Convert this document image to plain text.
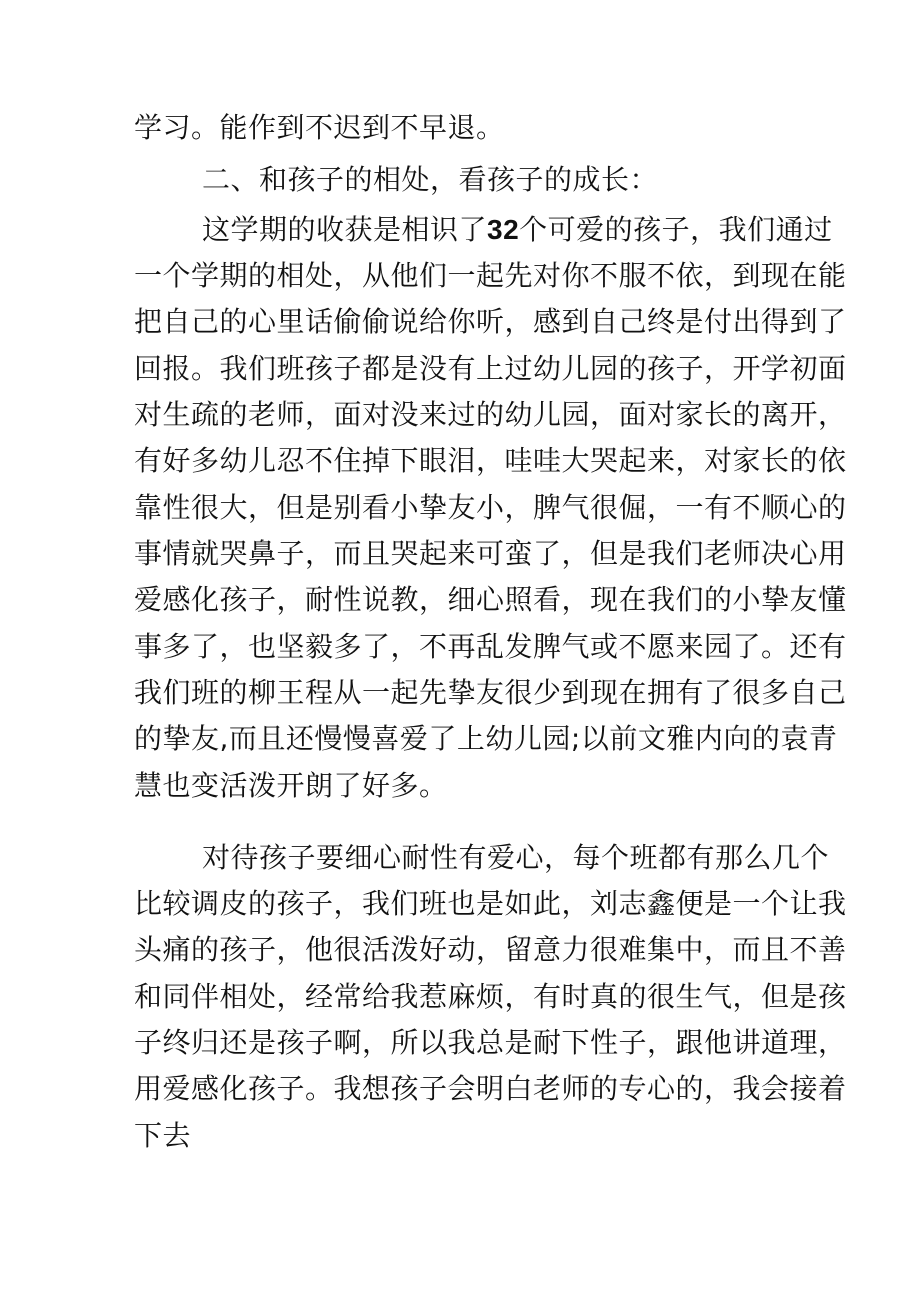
学习。能作到不迟到不早退。
二、和孩子的相处，看孩子的成长：
这学期的收获是相识了32个可爱的孩子，我们通过
一个学期的相处，从他们一起先对你不服不依，到现在能
把自己的心里话偷偷说给你听，感到自己终是付出得到了
回报。我们班孩子都是没有上过幼儿园的孩子，开学初面
对生疏的老师，面对没来过的幼儿园，面对家长的离开，
有好多幼儿忍不住掉下眼泪，哇哇大哭起来，对家长的依
靠性很大，但是别看小挚友小，脾气很倔，一有不顺心的
事情就哭鼻子，而且哭起来可蛮了，但是我们老师决心用
爱感化孩子，耐性说教，细心照看，现在我们的小挚友懂
事多了，也坚毅多了，不再乱发脾气或不愿来园了。还有
我们班的柳王程从一起先挚友很少到现在拥有了很多自己
的挚友,而且还慢慢喜爱了上幼儿园;以前文雅内向的袁青
慧也变活泼开朗了好多。
对待孩子要细心耐性有爱心，每个班都有那么几个
比较调皮的孩子，我们班也是如此，刘志鑫便是一个让我
头痛的孩子，他很活泼好动，留意力很难集中，而且不善
和同伴相处，经常给我惹麻烦，有时真的很生气，但是孩
子终归还是孩子啊，所以我总是耐下性子，跟他讲道理，
用爱感化孩子。我想孩子会明白老师的专心的，我会接着
下去
